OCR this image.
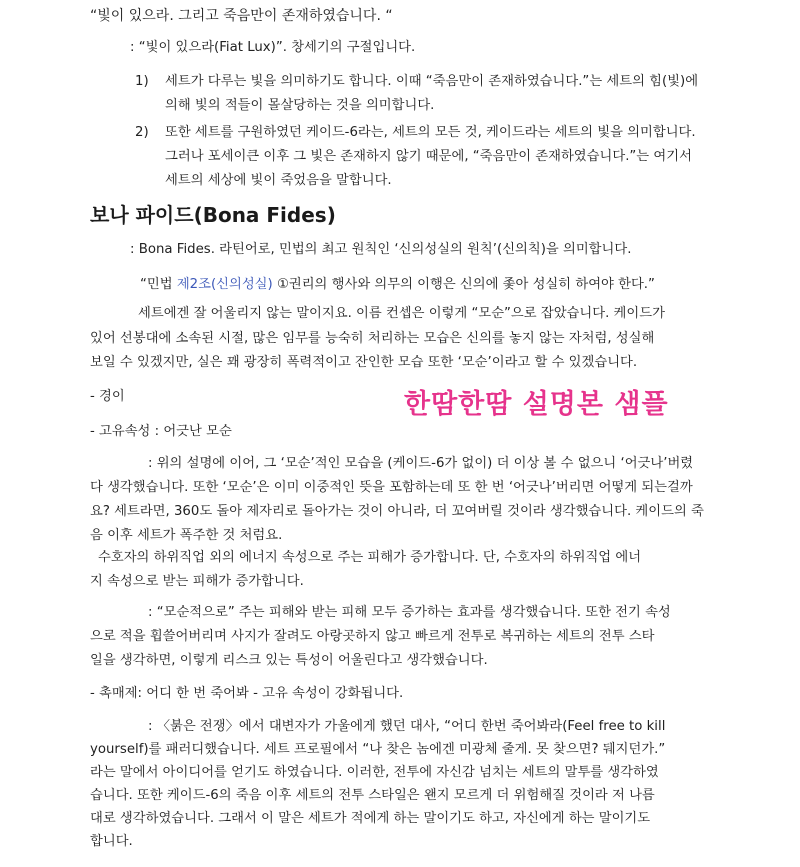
“빛이 있으라. 그리고 죽음만이 존재하였습니다. “

: “빛이 있으라(Fiat Lux)”. 창세기의 구절입니다.

1) 세트가 다루는 빛을 의미하기도 합니다. 이때 “죽음만이 존재하였습니다.”는 세트의 힘(빛)에
의해 빛의 적들이 몰살당하는 것을 의미합니다.
2) 또한 세트를 구원하였던 케이드-6라는, 세트의 모든 것, 케이드라는 세트의 빛을 의미합니다.
그러나 포세이큰 이후 그 빛은 존재하지 않기 때문에, “죽음만이 존재하였습니다.”는 여기서
세트의 세상에 빛이 죽었음을 말합니다.
보나 파이드(Bona Fides)

: Bona Fides. 라틴어로, 민법의 최고 원칙인 ‘신의성실의 원칙’(신의칙)을 의미합니다.

“민법 제2조(신의성실) ①권리의 행사와 의무의 이행은 신의에 좇아 성실히 하여야 한다.”

세트에겐 잘 어울리지 않는 말이지요. 이름 컨셉은 이렇게 “모순”으로 잡았습니다. 케이드가

있어 선봉대에 소속된 시절, 많은 임무를 능숙히 처리하는 모습은 신의를 놓지 않는 자처럼, 성실해

보일 수 있겠지만, 실은 꽤 광장히 폭력적이고 잔인한 모습 또한 ‘모순’이라고 할 수 있겠습니다.

- 경이	한땀한땀 설명본 샘플

- 고유속성 : 어긋난 모순

: 위의 설명에 이어, 그 ‘모순’적인 모습을 (케이드-6가 없이) 더 이상 볼 수 없으니 ‘어긋나’버렸

다 생각했습니다. 또한 ‘모순’은 이미 이중적인 뜻을 포함하는데 또 한 번 ‘어긋나’버리면 어떻게 되는걸까

요? 세트라면, 360도 돌아 제자리로 돌아가는 것이 아니라, 더 꼬여버릴 것이라 생각했습니다. 케이드의 죽

음 이후 세트가 폭주한 것 처럼요.

수호자의 하위직업 외의 에너지 속성으로 주는 피해가 증가합니다. 단, 수호자의 하위직업 에너

지 속성으로 받는 피해가 증가합니다.

: “모순적으로” 주는 피해와 받는 피해 모두 증가하는 효과를 생각했습니다. 또한 전기 속성

으로 적을 휩쓸어버리며 사지가 잘려도 아랑곳하지 않고 빠르게 전투로 복귀하는 세트의 전투 스타

일을 생각하면, 이렇게 리스크 있는 특성이 어울린다고 생각했습니다.

- 촉매제: 어디 한 번 죽어봐 - 고유 속성이 강화됩니다.

: 〈붉은 전쟁〉에서 대변자가 가울에게 했던 대사, “어디 한번 죽어봐라(Feel free to kill

yourself)를 패러디했습니다. 세트 프로필에서 “나 찾은 놈에겐 미광체 줄게. 못 찾으면? 뒈지던가.”

라는 말에서 아이디어를 얻기도 하였습니다. 이러한, 전투에 자신감 넘치는 세트의 말투를 생각하였

습니다. 또한 케이드-6의 죽음 이후 세트의 전투 스타일은 왠지 모르게 더 위험해질 것이라 저 나름

대로 생각하였습니다. 그래서 이 말은 세트가 적에게 하는 말이기도 하고, 자신에게 하는 말이기도

합니다.
